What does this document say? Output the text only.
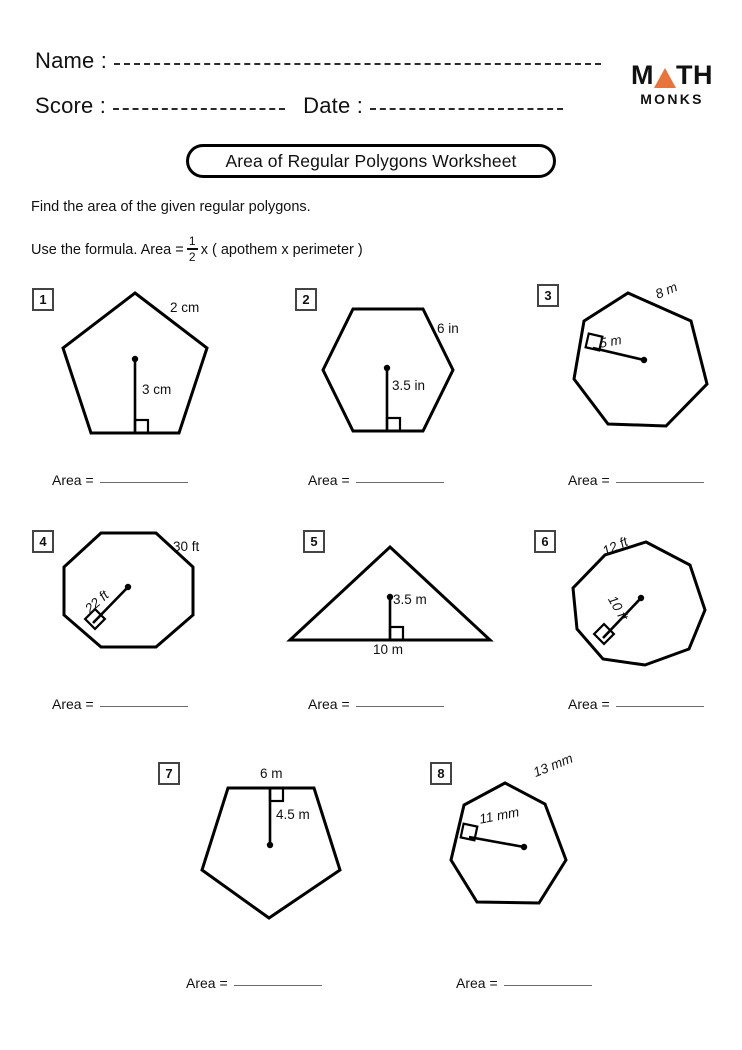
Name :
Score :	Date :
M TH
MONKS
Area of Regular Polygons Worksheet
Find the area of the given regular polygons.
Use the formula. Area = $\frac{1}{2}$ x ( apothem x perimeter )
1
2 cm
3 cm
Area =
2
6 in
3.5 in
Area =
3	8 m
5 m
Area =
4	30 ft
22 ft
Area =
5
3.5 m
10 m
Area =
6	12 ft
10 ft
Area =
7	6 m
4.5 m
Area =
8	13 mm
11 mm
Area =
